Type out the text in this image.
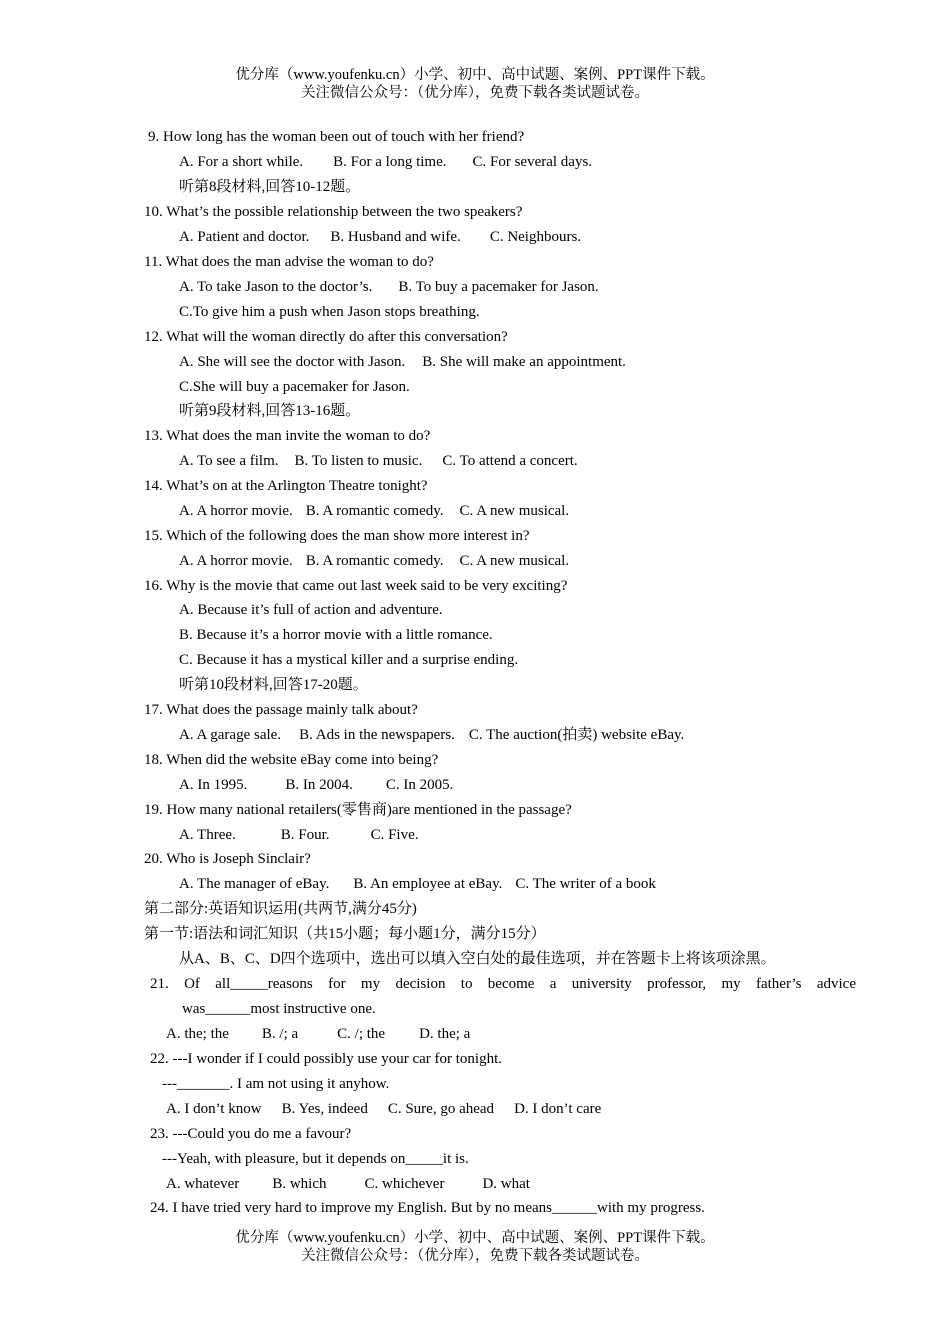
优分库（www.youfenku.cn）小学、初中、高中试题、案例、PPT课件下载。
关注微信公众号：（优分库），免费下载各类试题试卷。
9. How long has the woman been out of touch with her friend?
A. For a short while. B. For a long time. C. For several days.
听第8段材料,回答10-12题。
10. What’s the possible relationship between the two speakers?
A. Patient and doctor. B. Husband and wife. C. Neighbours.
11. What does the man advise the woman to do?
A. To take Jason to the doctor’s. B. To buy a pacemaker for Jason.
C.To give him a push when Jason stops breathing.
12. What will the woman directly do after this conversation?
A. She will see the doctor with Jason. B. She will make an appointment.
C.She will buy a pacemaker for Jason.
听第9段材料,回答13-16题。
13. What does the man invite the woman to do?
A. To see a film. B. To listen to music. C. To attend a concert.
14. What’s on at the Arlington Theatre tonight?
A. A horror movie. B. A romantic comedy. C. A new musical.
15. Which of the following does the man show more interest in?
A. A horror movie. B. A romantic comedy. C. A new musical.
16. Why is the movie that came out last week said to be very exciting?
A. Because it’s full of action and adventure.
B. Because it’s a horror movie with a little romance.
C. Because it has a mystical killer and a surprise ending.
听第10段材料,回答17-20题。
17. What does the passage mainly talk about?
A. A garage sale. B. Ads in the newspapers. C. The auction(拍卖) website eBay.
18. When did the website eBay come into being?
A. In 1995.	B. In 2004. C. In 2005.
19. How many national retailers(零售商)are mentioned in the passage?
A. Three.	B. Four.	C. Five.
20. Who is Joseph Sinclair?
A. The manager of eBay. B. An employee at eBay. C. The writer of a book
第二部分:英语知识运用(共两节,满分45分)
第一节:语法和词汇知识（共15小题；每小题1分，满分15分）
从A、B、C、D四个选项中，选出可以填入空白处的最佳选项，并在答题卡上将该项涂黑。
21. Of all_____reasons for my decision to become a university professor, my father’s advice
was______most instructive one.
A. the; the B. /; a	C. /; the D. the; a
22. ---I wonder if I could possibly use your car for tonight.
---_______. I am not using it anyhow.
A. I don’t know B. Yes, indeed C. Sure, go ahead D. I don’t care
23. ---Could you do me a favour?
---Yeah, with pleasure, but it depends on_____it is.
A. whatever B. which	C. whichever	D. what
24. I have tried very hard to improve my English. But by no means______with my progress.
优分库（www.youfenku.cn）小学、初中、高中试题、案例、PPT课件下载。
关注微信公众号：（优分库），免费下载各类试题试卷。
